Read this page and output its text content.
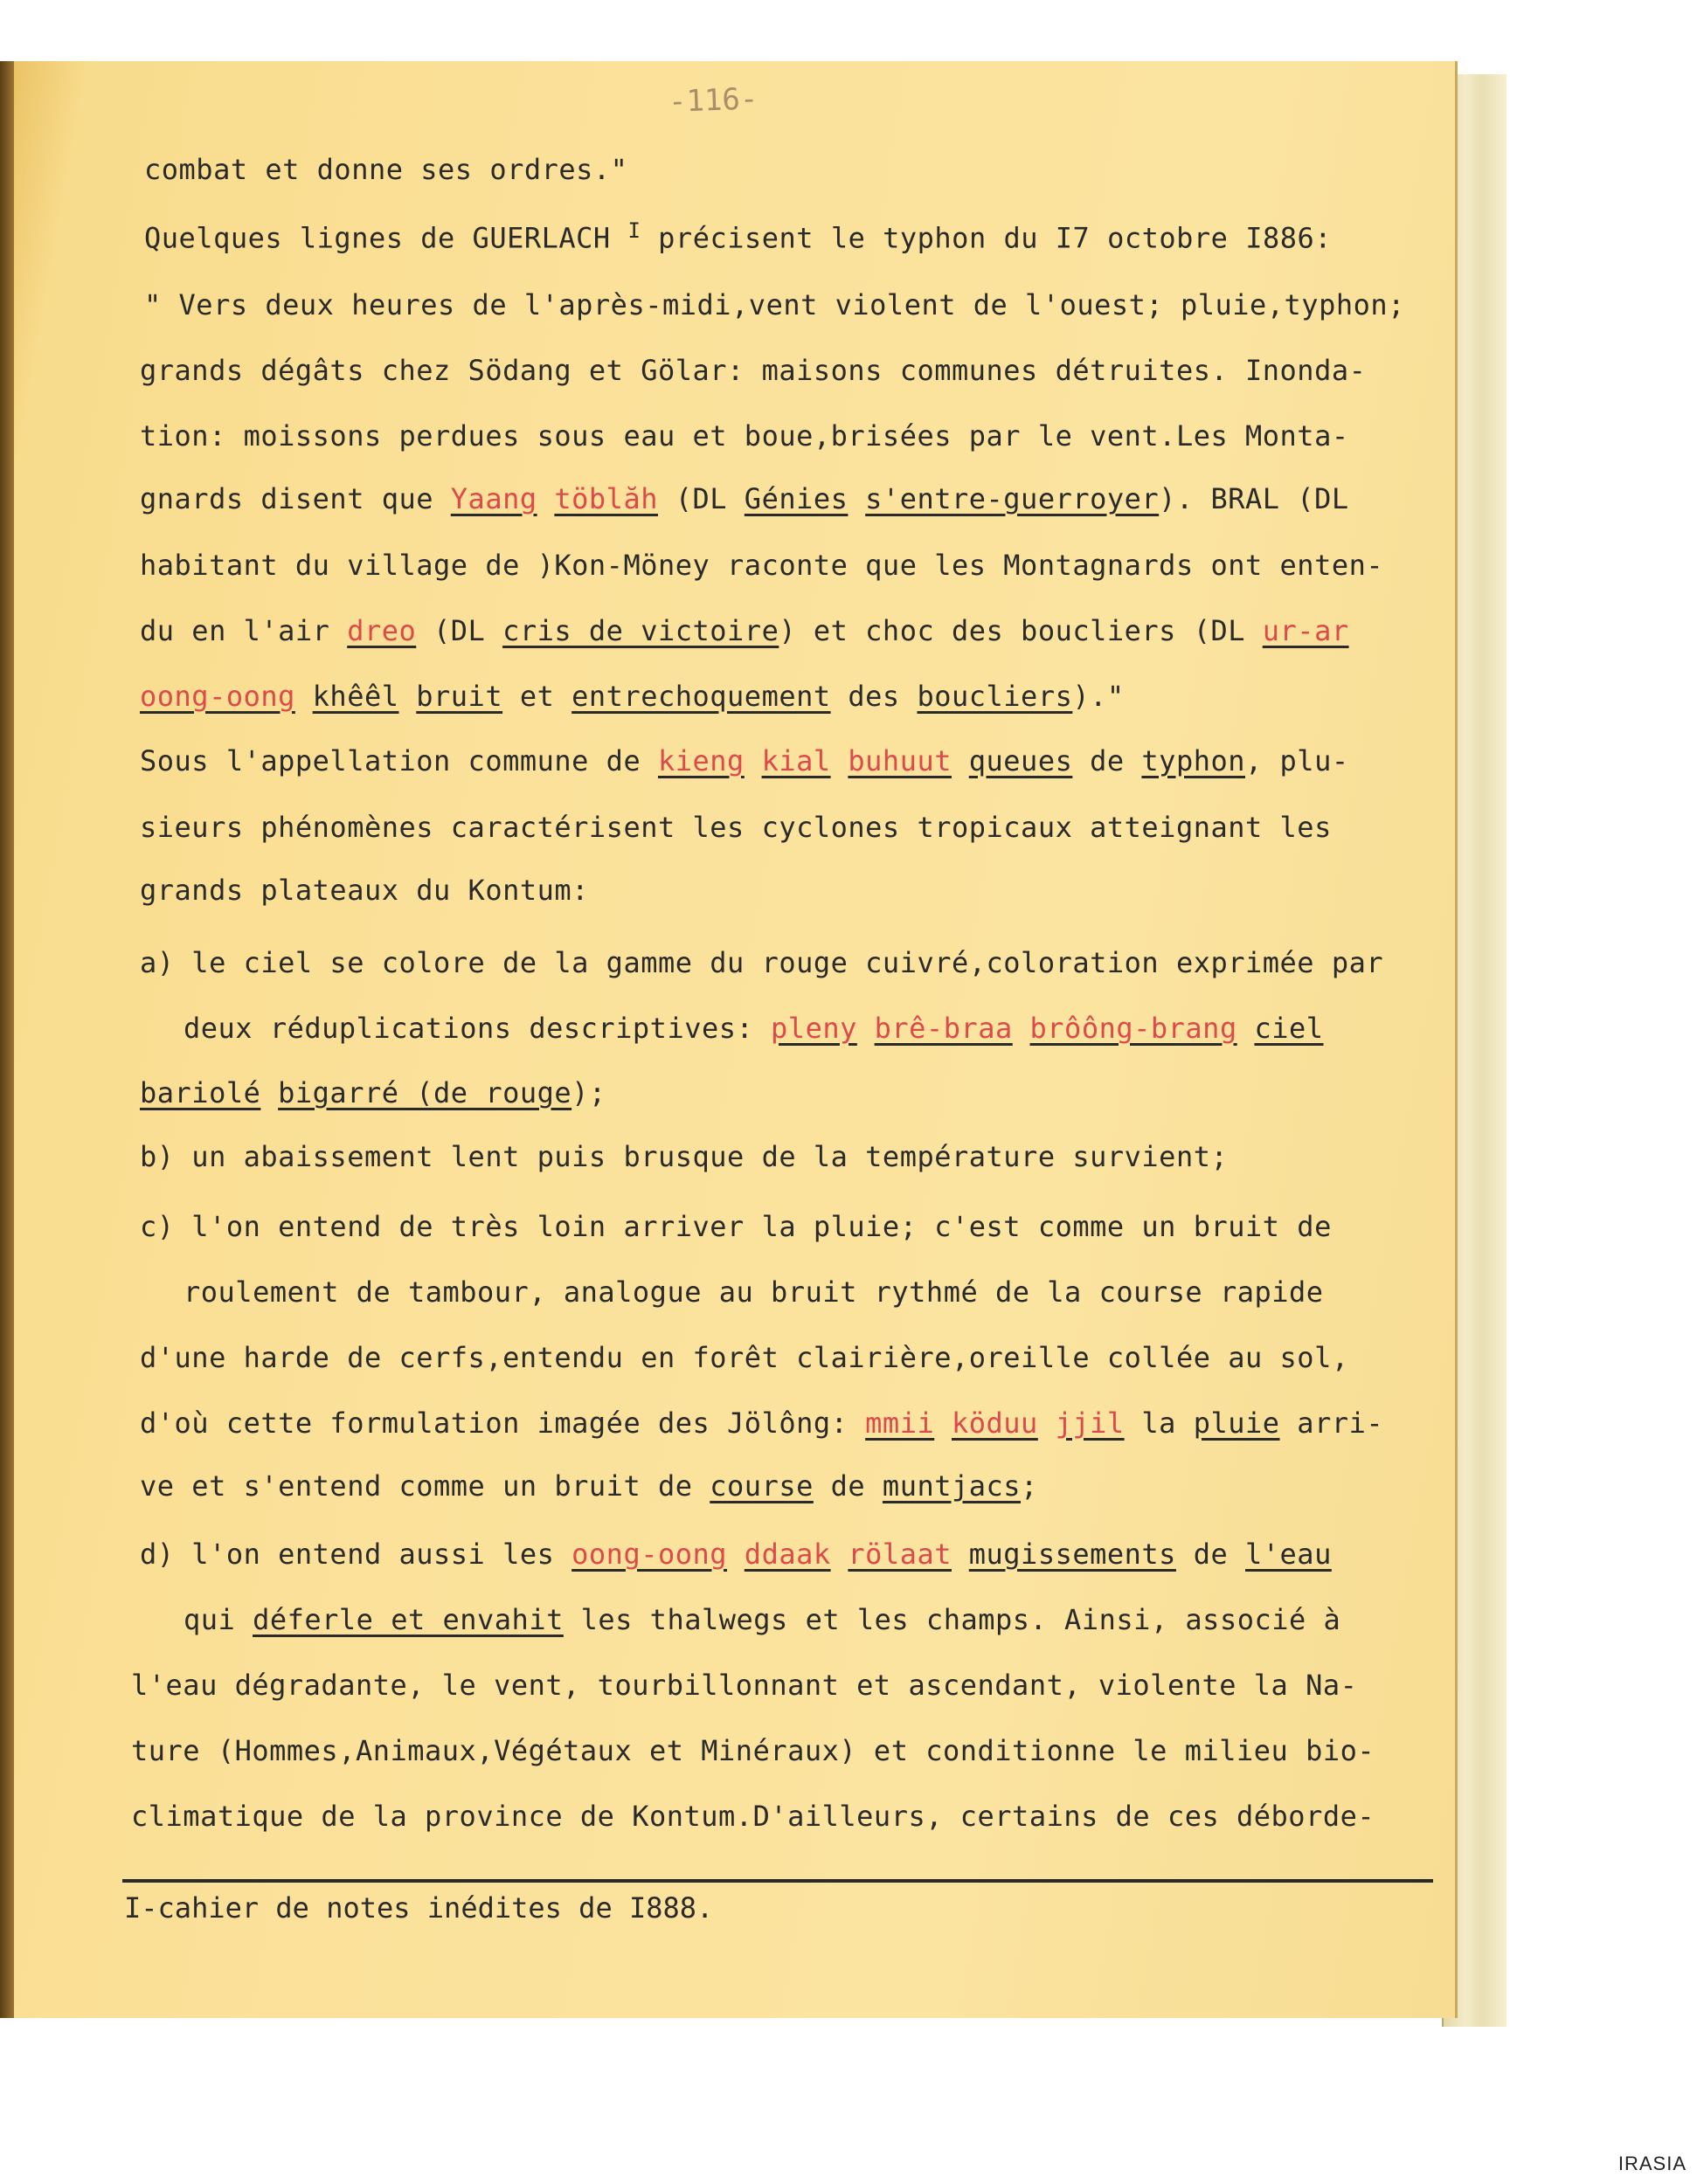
-116-
combat et donne ses ordres."
Quelques lignes de GUERLACH $^I$ précisent le typhon du I7 octobre I886:
" Vers deux heures de l'après-midi,vent violent de l'ouest; pluie,typhon;
grands dégâts chez Södang et Gölar: maisons communes détruites. Inonda-
tion: moissons perdues sous eau et boue,brisées par le vent.Les Monta-
gnards disent que Yaang töblăh (DL Génies s'entre-guerroyer). BRAL (DL
habitant du village de )Kon-Möney raconte que les Montagnards ont enten-
du en l'air dreo (DL cris de victoire) et choc des boucliers (DL ur-ar
oong-oong khêêl bruit et entrechoquement des boucliers)."
Sous l'appellation commune de kieng kial buhuut queues de typhon, plu-
sieurs phénomènes caractérisent les cyclones tropicaux atteignant les
grands plateaux du Kontum:
a) le ciel se colore de la gamme du rouge cuivré,coloration exprimée par
deux réduplications descriptives: pleny brê-braa brôông-brang ciel
bariolé bigarré (de rouge);
b) un abaissement lent puis brusque de la température survient;
c) l'on entend de très loin arriver la pluie; c'est comme un bruit de
roulement de tambour, analogue au bruit rythmé de la course rapide
d'une harde de cerfs,entendu en forêt clairière,oreille collée au sol,
d'où cette formulation imagée des Jölông: mmii köduu jjil la pluie arri-
ve et s'entend comme un bruit de course de muntjacs;
d) l'on entend aussi les oong-oong ddaak rölaat mugissements de l'eau
qui déferle et envahit les thalwegs et les champs. Ainsi, associé à
l'eau dégradante, le vent, tourbillonnant et ascendant, violente la Na-
ture (Hommes,Animaux,Végétaux et Minéraux) et conditionne le milieu bio-
climatique de la province de Kontum.D'ailleurs, certains de ces déborde-
I-cahier de notes inédites de I888.
IRASIA
